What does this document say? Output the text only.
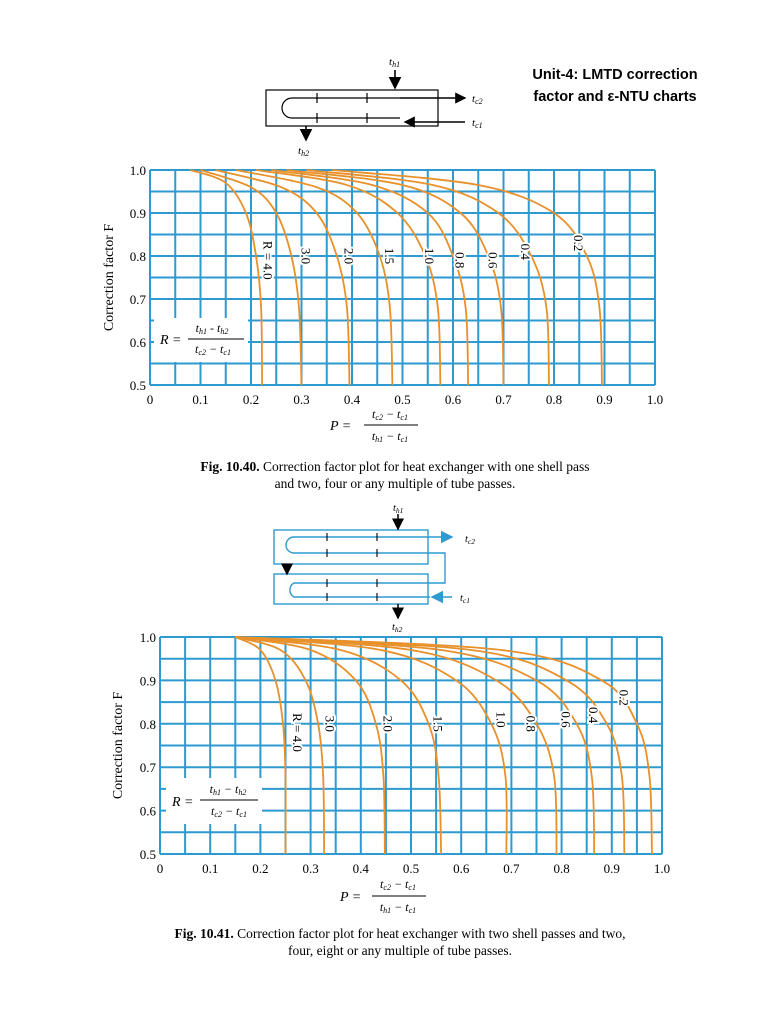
Unit-4: LMTD correction
factor and ε-NTU charts
th1
tc2
tc1
th2
th1
tc2
tc1
th2
R = 4.0 3.0 2.0 1.5 1.0 0.8 0.6
0.4
0.2
Correction factor F
0	0.1	0.2	0.3	0.4	0.5	0.6	0.7	0.8	0.9	1.0
0.5
0.6
0.7
0.8
0.9
1.0
R =
th1 - th2
tc2 − tc1
P =
tc2 − tc1
th1 − tc1
Fig. 10.40. Correction factor plot for heat exchanger with one shell pass
and two, four or any multiple of tube passes.
R = 4.0 3.0	2.0	1.5	1.0 0.8 0.6 0.4
0.2
Correction factor F
0	0.1	0.2	0.3	0.4	0.5	0.6	0.7	0.8	0.9	1.0
0.5
0.6
0.7
0.8
0.9
1.0
R =
th1 − th2
tc2 − tc1
P =
tc2 − tc1
th1 − tc1
Fig. 10.41. Correction factor plot for heat exchanger with two shell passes and two,
four, eight or any multiple of tube passes.
